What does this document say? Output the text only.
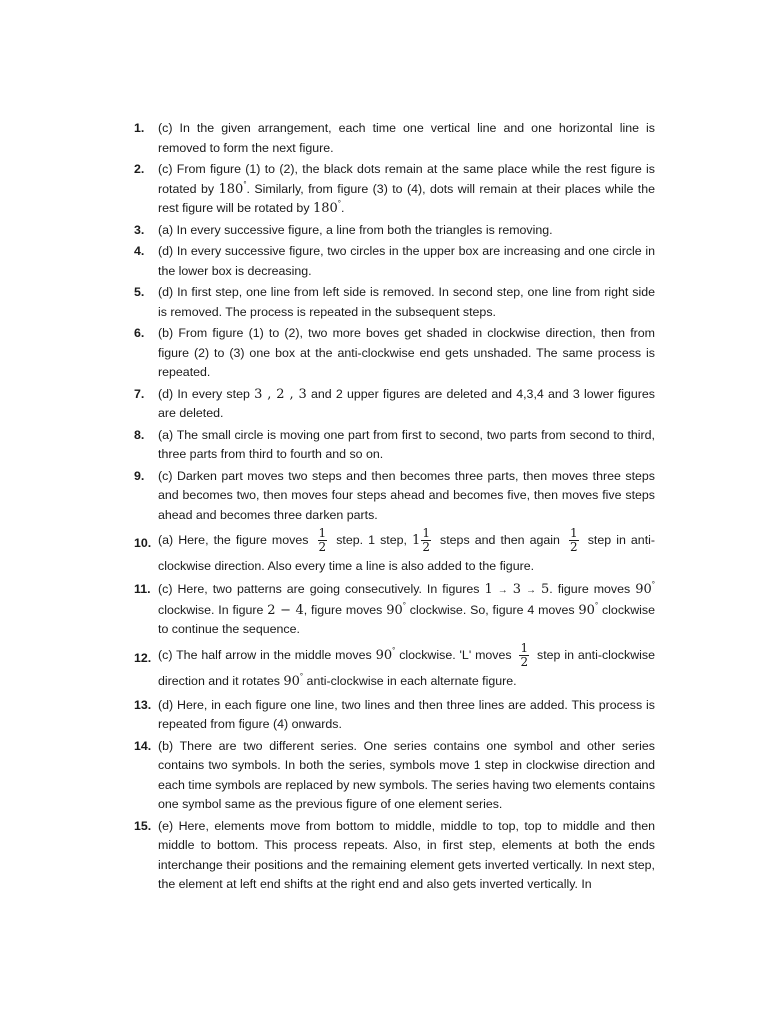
1.	(c) In the given arrangement, each time one vertical line and one horizontal line is removed to form the next figure.
2.	(c) From figure (1) to (2), the black dots remain at the same place while the rest figure is rotated by 180°. Similarly, from figure (3) to (4), dots will remain at their places while the rest figure will be rotated by 180°.
3.	(a) In every successive figure, a line from both the triangles is removing.
4.	(d) In every successive figure, two circles in the upper box are increasing and one circle in the lower box is decreasing.
5.	(d) In first step, one line from left side is removed. In second step, one line from right side is removed. The process is repeated in the subsequent steps.
6.	(b) From figure (1) to (2), two more boves get shaded in clockwise direction, then from figure (2) to (3) one box at the anti-clockwise end gets unshaded. The same process is repeated.
7.	(d) In every step 3 , 2 , 3 and 2 upper figures are deleted and 4,3,4 and 3 lower figures are deleted.
8.	(a) The small circle is moving one part from first to second, two parts from second to third, three parts from third to fourth and so on.
9.	(c) Darken part moves two steps and then becomes three parts, then moves three steps and becomes two, then moves four steps ahead and becomes five, then moves five steps ahead and becomes three darken parts.
10. (a) Here, the figure moves $\frac{1}{2}$ step. 1 step, $1 \frac{1}{2}$ steps and then again $\frac{1}{2}$ step in anti-clockwise direction. Also every time a line is also added to the figure.
11. (c) Here, two patterns are going consecutively. In figures 1 → 3 → 5. figure moves 90° clockwise. In figure 2 − 4, figure moves 90° clockwise. So, figure 4 moves 90° clockwise to continue the sequence.
12. (c) The half arrow in the middle moves 90° clockwise. 'L' moves $\frac{1}{2}$ step in anti-clockwise direction and it rotates 90° anti-clockwise in each alternate figure.
13. (d) Here, in each figure one line, two lines and then three lines are added. This process is repeated from figure (4) onwards.
14. (b) There are two different series. One series contains one symbol and other series contains two symbols. In both the series, symbols move 1 step in clockwise direction and each time symbols are replaced by new symbols. The series having two elements contains one symbol same as the previous figure of one element series.
15. (e) Here, elements move from bottom to middle, middle to top, top to middle and then middle to bottom. This process repeats. Also, in first step, elements at both the ends interchange their positions and the remaining element gets inverted vertically. In next step, the element at left end shifts at the right end and also gets inverted vertically. In
